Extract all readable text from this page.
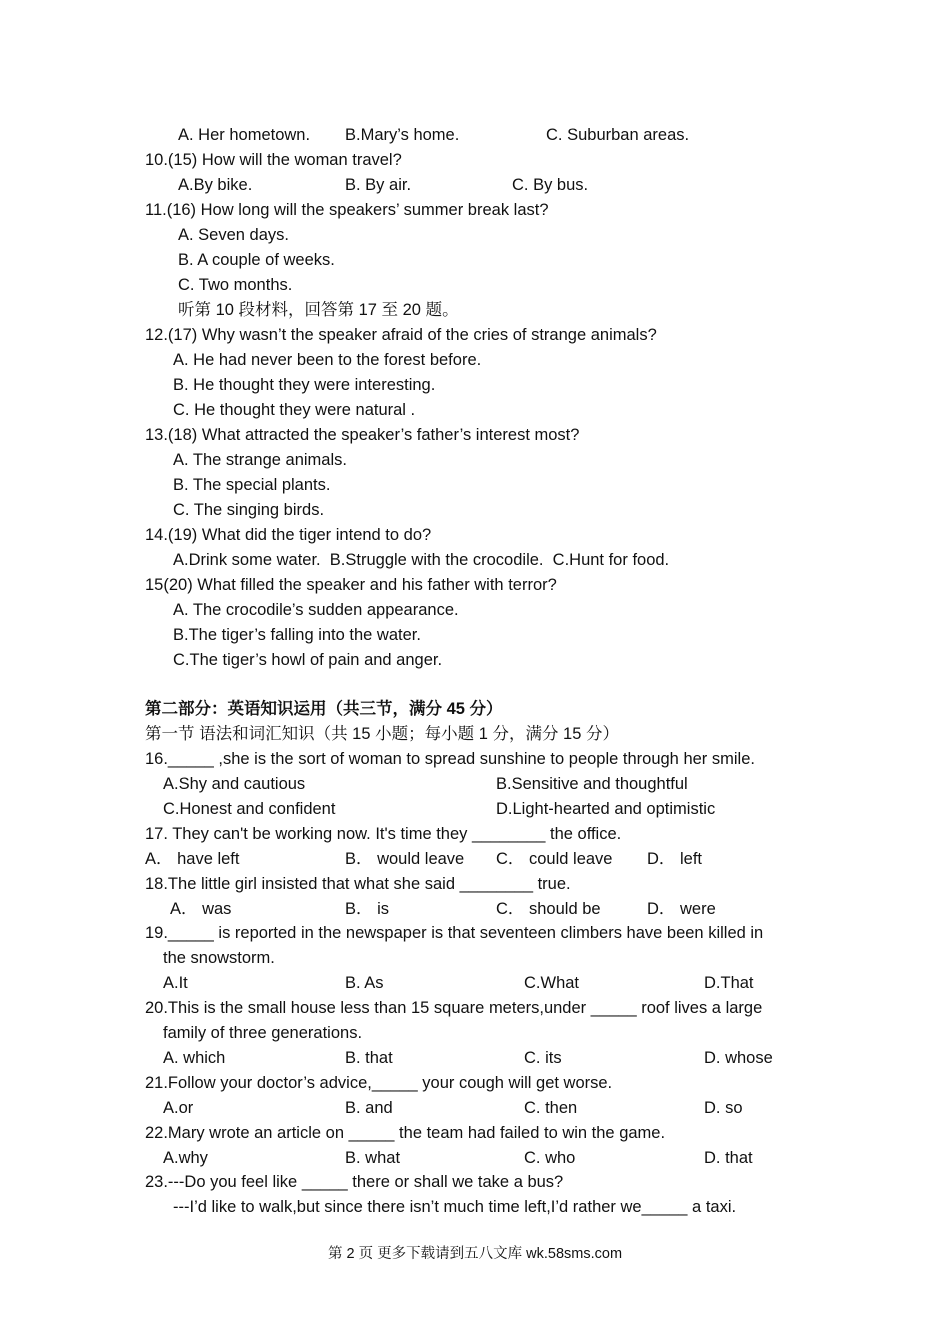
A. Her hometown. B.Mary’s home.	C. Suburban areas.
10.(15) How will the woman travel?
A.By bike.	B. By air.	C. By bus.
11.(16) How long will the speakers’ summer break last?
A. Seven days.
B. A couple of weeks.
C. Two months.
听第 10 段材料，回答第 17 至 20 题。
12.(17) Why wasn’t the speaker afraid of the cries of strange animals?
A. He had never been to the forest before.
B. He thought they were interesting.
C. He thought they were natural .
13.(18) What attracted the speaker’s father’s interest most?
A. The strange animals.
B. The special plants.
C. The singing birds.
14.(19) What did the tiger intend to do?
A.Drink some water.  B.Struggle with the crocodile.  C.Hunt for food.
15(20) What filled the speaker and his father with terror?
A. The crocodile’s sudden appearance.
B.The tiger’s falling into the water.
C.The tiger’s howl of pain and anger.
第二部分：英语知识运用（共三节，满分 45 分）
第一节 语法和词汇知识（共 15 小题；每小题 1 分，满分 15 分）
16._____ ,she is the sort of woman to spread sunshine to people through her smile.
A.Shy and cautious	B.Sensitive and thoughtful
C.Honest and confident	D.Light-hearted and optimistic
17. They can't be working now. It's time they ________ the office.
A． have left	B． would leave C． could leave D． left
18.The little girl insisted that what she said ________ true.
A． was	B． is	C． should be	D． were
19._____ is reported in the newspaper is that seventeen climbers have been killed in
the snowstorm.
A.It	B. As	C.What	D.That
20.This is the small house less than 15 square meters,under _____ roof lives a large
family of three generations.
A. which	B. that	C. its	D. whose
21.Follow your doctor’s advice,_____ your cough will get worse.
A.or	B. and	C. then	D. so
22.Mary wrote an article on _____ the team had failed to win the game.
A.why	B. what	C. who	D. that
23.---Do you feel like _____ there or shall we take a bus?
---I’d like to walk,but since there isn’t much time left,I’d rather we_____ a taxi.
第 2 页 更多下载请到五八文库 wk.58sms.com
